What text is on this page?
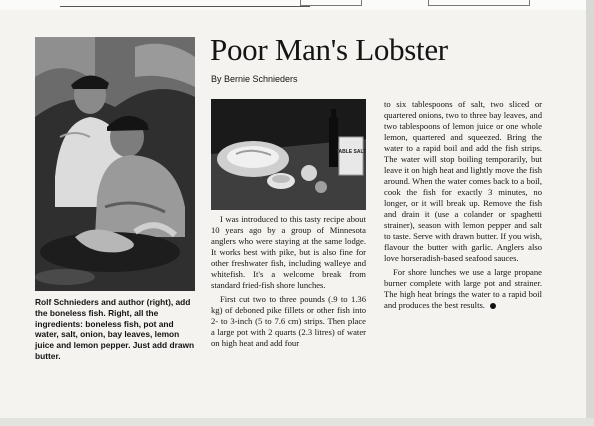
Rolf Schnieders and author (right), add the boneless fish. Right, all the ingredients: boneless fish, pot and water, salt, onion, bay leaves, lemon juice and lemon pepper. Just add drawn butter.

Poor Man's Lobster

By Bernie Schnieders

TABLE SALT

I was introduced to this tasty recipe about 10 years ago by a group of Minnesota anglers who were staying at the same lodge. It works best with pike, but is also fine for other freshwater fish, including walleye and whitefish. It's a welcome break from standard fried-fish shore lunches.

First cut two to three pounds (.9 to 1.36 kg) of deboned pike fillets or other fish into 2- to 3-inch (5 to 7.6 cm) strips. Then place a large pot with 2 quarts (2.3 litres) of water on high heat and add four

to six tablespoons of salt, two sliced or quartered onions, two to three bay leaves, and two tablespoons of lemon juice or one whole lemon, quartered and squeezed. Bring the water to a rapid boil and add the fish strips. The water will stop boiling temporarily, but leave it on high heat and lightly move the fish around. When the water comes back to a boil, cook the fish for exactly 3 minutes, no longer, or it will break up. Remove the fish and drain it (use a colander or spaghetti strainer), season with lemon pepper and salt to taste. Serve with drawn butter. If you wish, flavour the butter with garlic. Anglers also love horseradish-based seafood sauces.

For shore lunches we use a large propane burner complete with large pot and strainer. The high heat brings the water to a rapid boil and produces the best results.
